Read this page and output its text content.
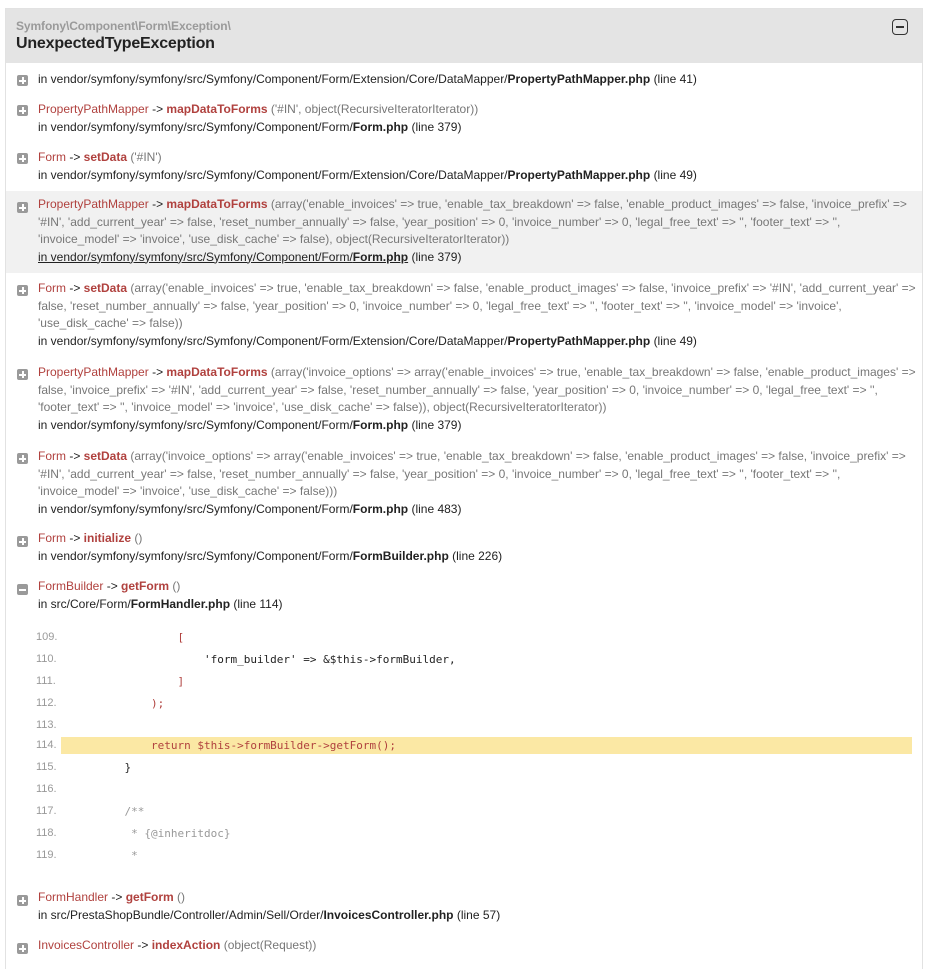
Symfony\Component\Form\Exception\
UnexpectedTypeException
in vendor/symfony/symfony/src/Symfony/Component/Form/Extension/Core/DataMapper/PropertyPathMapper.php (line 41)
PropertyPathMapper -> mapDataToForms ('#IN', object(RecursiveIteratorIterator))
in vendor/symfony/symfony/src/Symfony/Component/Form/Form.php (line 379)
Form -> setData ('#IN')
in vendor/symfony/symfony/src/Symfony/Component/Form/Extension/Core/DataMapper/PropertyPathMapper.php (line 49)
PropertyPathMapper -> mapDataToForms (array('enable_invoices' => true, 'enable_tax_breakdown' => false, 'enable_product_images' => false, 'invoice_prefix' => '#IN', 'add_current_year' => false, 'reset_number_annually' => false, 'year_position' => 0, 'invoice_number' => 0, 'legal_free_text' => '', 'footer_text' => '', 'invoice_model' => 'invoice', 'use_disk_cache' => false), object(RecursiveIteratorIterator))
in vendor/symfony/symfony/src/Symfony/Component/Form/Form.php (line 379)
Form -> setData (array('enable_invoices' => true, 'enable_tax_breakdown' => false, 'enable_product_images' => false, 'invoice_prefix' => '#IN', 'add_current_year' => false, 'reset_number_annually' => false, 'year_position' => 0, 'invoice_number' => 0, 'legal_free_text' => '', 'footer_text' => '', 'invoice_model' => 'invoice', 'use_disk_cache' => false))
in vendor/symfony/symfony/src/Symfony/Component/Form/Extension/Core/DataMapper/PropertyPathMapper.php (line 49)
PropertyPathMapper -> mapDataToForms (array('invoice_options' => array('enable_invoices' => true, 'enable_tax_breakdown' => false, 'enable_product_images' => false, 'invoice_prefix' => '#IN', 'add_current_year' => false, 'reset_number_annually' => false, 'year_position' => 0, 'invoice_number' => 0, 'legal_free_text' => '', 'footer_text' => '', 'invoice_model' => 'invoice', 'use_disk_cache' => false)), object(RecursiveIteratorIterator))
in vendor/symfony/symfony/src/Symfony/Component/Form/Form.php (line 379)
Form -> setData (array('invoice_options' => array('enable_invoices' => true, 'enable_tax_breakdown' => false, 'enable_product_images' => false, 'invoice_prefix' => '#IN', 'add_current_year' => false, 'reset_number_annually' => false, 'year_position' => 0, 'invoice_number' => 0, 'legal_free_text' => '', 'footer_text' => '', 'invoice_model' => 'invoice', 'use_disk_cache' => false)))
in vendor/symfony/symfony/src/Symfony/Component/Form/Form.php (line 483)
Form -> initialize ()
in vendor/symfony/symfony/src/Symfony/Component/Form/FormBuilder.php (line 226)
FormBuilder -> getForm ()
in src/Core/Form/FormHandler.php (line 114)
109.	[
110.	'form_builder' => &$this->formBuilder,
111.	]
112.	);
113.
114.	return $this->formBuilder->getForm();
115.	}
116.
117.	/**
118.	* {@inheritdoc}
119.	*
FormHandler -> getForm ()
in src/PrestaShopBundle/Controller/Admin/Sell/Order/InvoicesController.php (line 57)
InvoicesController -> indexAction (object(Request))
